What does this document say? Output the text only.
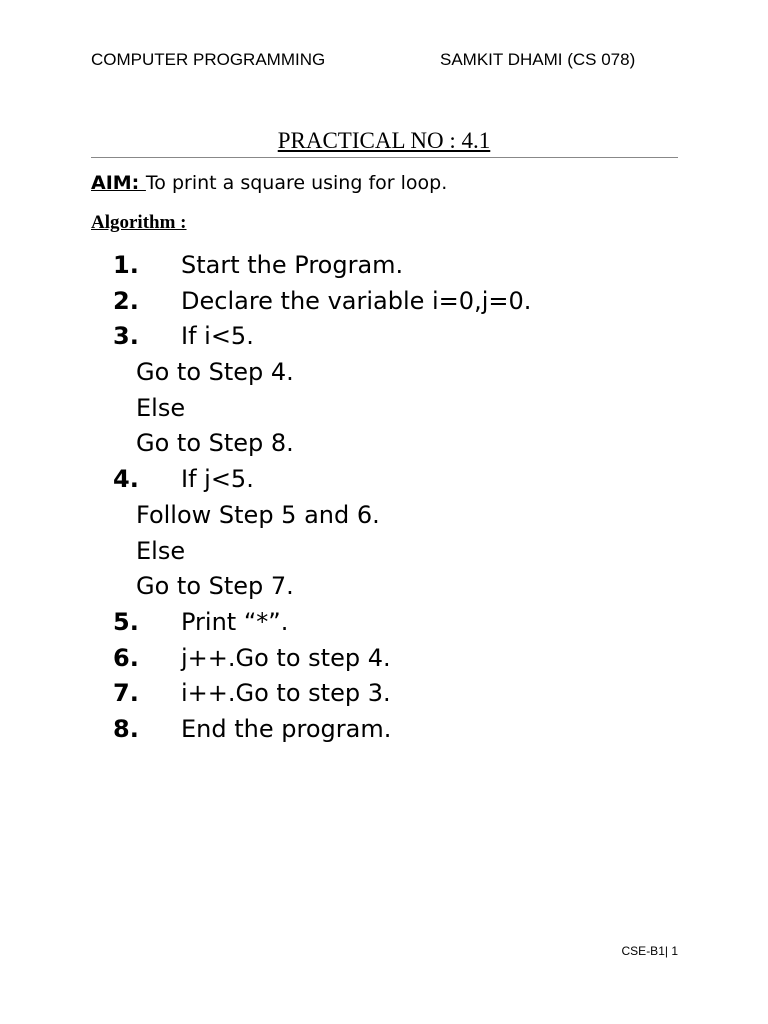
COMPUTER PROGRAMMING	SAMKIT DHAMI (CS 078)
PRACTICAL NO : 4.1
AIM: To print a square using for loop.
Algorithm :
1. Start the Program.
2. Declare the variable i=0,j=0.
3. If i<5.
Go to Step 4.
Else
Go to Step 8.
4. If j<5.
Follow Step 5 and 6.
Else
Go to Step 7.
5. Print “*”.
6. j++.Go to step 4.
7. i++.Go to step 3.
8. End the program.
CSE-B1| 1
